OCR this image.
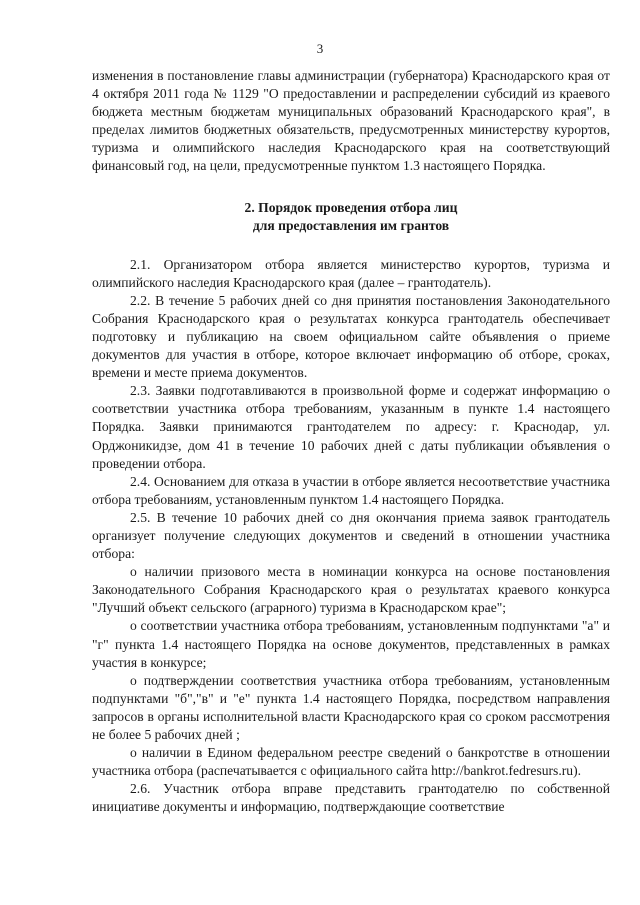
3

изменения в постановление главы администрации (губернатора) Краснодарского края от 4 октября 2011 года № 1129 "О предоставлении и распределении субсидий из краевого бюджета местным бюджетам муниципальных образований Краснодарского края", в пределах лимитов бюджетных обязательств, предусмотренных министерству курортов, туризма и олимпийского наследия Краснодарского края на соответствующий финансовый год, на цели, предусмотренные пунктом 1.3 настоящего Порядка.

2. Порядок проведения отбора лиц
для предоставления им грантов

2.1. Организатором отбора является министерство курортов, туризма и олимпийского наследия Краснодарского края (далее – грантодатель).

2.2. В течение 5 рабочих дней со дня принятия постановления Законодательного Собрания Краснодарского края о результатах конкурса грантодатель обеспечивает подготовку и публикацию на своем официальном сайте объявления о приеме документов для участия в отборе, которое включает информацию об отборе, сроках, времени и месте приема документов.

2.3. Заявки подготавливаются в произвольной форме и содержат информацию о соответствии участника отбора требованиям, указанным в пункте 1.4 настоящего Порядка. Заявки принимаются грантодателем по адресу: г. Краснодар, ул. Орджоникидзе, дом 41 в течение 10 рабочих дней с даты публикации объявления о проведении отбора.

2.4. Основанием для отказа в участии в отборе является несоответствие участника отбора требованиям, установленным пунктом 1.4 настоящего Порядка.

2.5. В течение 10 рабочих дней со дня окончания приема заявок грантодатель организует получение следующих документов и сведений в отношении участника отбора:

о наличии призового места в номинации конкурса на основе постановления Законодательного Собрания Краснодарского края о результатах краевого конкурса "Лучший объект сельского (аграрного) туризма в Краснодарском крае";

о соответствии участника отбора требованиям, установленным подпунктами "а" и "г" пункта 1.4 настоящего Порядка на основе документов, представленных в рамках участия в конкурсе;

о подтверждении соответствия участника отбора требованиям, установленным подпунктами "б","в" и "е" пункта 1.4 настоящего Порядка, посредством направления запросов в органы исполнительной власти Краснодарского края со сроком рассмотрения не более 5 рабочих дней ;

о наличии в Едином федеральном реестре сведений о банкротстве в отношении участника отбора (распечатывается с официального сайта http://bankrot.fedresurs.ru).

2.6. Участник отбора вправе представить грантодателю по собственной инициативе документы и информацию, подтверждающие соответствие
